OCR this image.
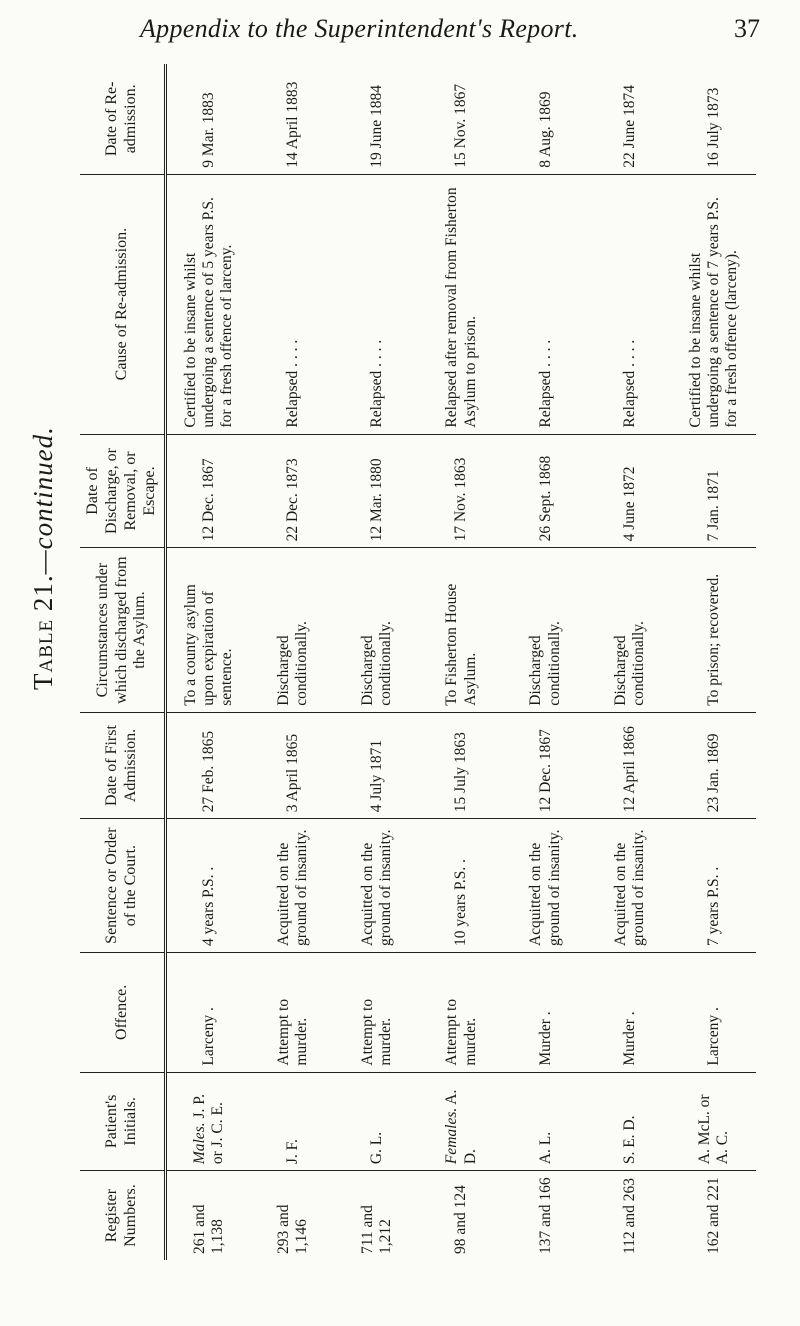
Appendix to the Superintendent's Report.	37
Table 21.—continued.
Register Numbers.	Patient's Initials.	Offence.	Sentence or Order of the Court.	Date of First Admission.	Circumstances under which discharged from the Asylum.	Date of Discharge, or Removal, or Escape.	Cause of Re-admission.	Date of Re-admission.
261 and 1,138	Males. J. P. or J. C. E.	Larceny .	4 years P.S. .	27 Feb. 1865	To a county asylum upon expiration of sentence.	12 Dec. 1867	Certified to be insane whilst undergoing a sentence of 5 years P.S. for a fresh offence of larceny.	9 Mar. 1883
293 and 1,146	J. F.	Attempt to murder.	Acquitted on the ground of insanity.	3 April 1865	Discharged conditionally.	22 Dec. 1873	Relapsed . . . .	14 April 1883
711 and 1,212	G. L.	Attempt to murder.	Acquitted on the ground of insanity.	4 July 1871	Discharged conditionally.	12 Mar. 1880	Relapsed . . . .	19 June 1884
98 and 124	Females. A. D.	Attempt to murder.	10 years P.S. .	15 July 1863	To Fisherton House Asylum.	17 Nov. 1863	Relapsed after removal from Fisherton Asylum to prison.	15 Nov. 1867
137 and 166	A. L.	Murder .	Acquitted on the ground of insanity.	12 Dec. 1867	Discharged conditionally.	26 Sept. 1868	Relapsed . . . .	8 Aug. 1869
112 and 263	S. E. D.	Murder .	Acquitted on the ground of insanity.	12 April 1866	Discharged conditionally.	4 June 1872	Relapsed . . . .	22 June 1874
162 and 221	A. McL. or A. C.	Larceny .	7 years P.S. .	23 Jan. 1869	To prison; recovered.	7 Jan. 1871	Certified to be insane whilst undergoing a sentence of 7 years P.S. for a fresh offence (larceny).	16 July 1873
